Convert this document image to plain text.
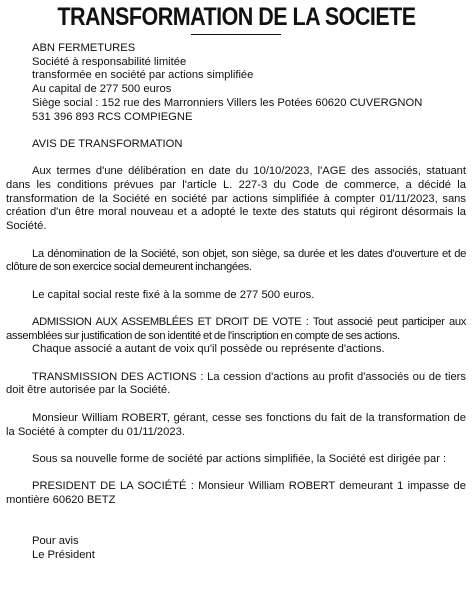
TRANSFORMATION DE LA SOCIETE
ABN FERMETURES
Société à responsabilité limitée
transformée en société par actions simplifiée
Au capital de 277 500 euros
Siège social : 152 rue des Marronniers Villers les Potées 60620 CUVERGNON
531 396 893 RCS COMPIEGNE
AVIS DE TRANSFORMATION
Aux termes d'une délibération en date du 10/10/2023, l'AGE des associés, statuant dans les conditions prévues par l'article L. 227-3 du Code de commerce, a décidé la transformation de la Société en société par actions simplifiée à compter 01/11/2023, sans création d'un être moral nouveau et a adopté le texte des statuts qui régiront désormais la Société.
La dénomination de la Société, son objet, son siège, sa durée et les dates d'ouverture et de clôture de son exercice social demeurent inchangées.
Le capital social reste fixé à la somme de 277 500 euros.
ADMISSION AUX ASSEMBLÉES ET DROIT DE VOTE : Tout associé peut participer aux assemblées sur justification de son identité et de l'inscription en compte de ses actions.
Chaque associé a autant de voix qu'il possède ou représente d'actions.
TRANSMISSION DES ACTIONS : La cession d'actions au profit d'associés ou de tiers doit être autorisée par la Société.
Monsieur William ROBERT, gérant, cesse ses fonctions du fait de la transformation de la Société à compter du 01/11/2023.
Sous sa nouvelle forme de société par actions simplifiée, la Société est dirigée par :
PRESIDENT DE LA SOCIÉTÉ : Monsieur William ROBERT demeurant 1 impasse de montière 60620 BETZ
Pour avis
Le Président
